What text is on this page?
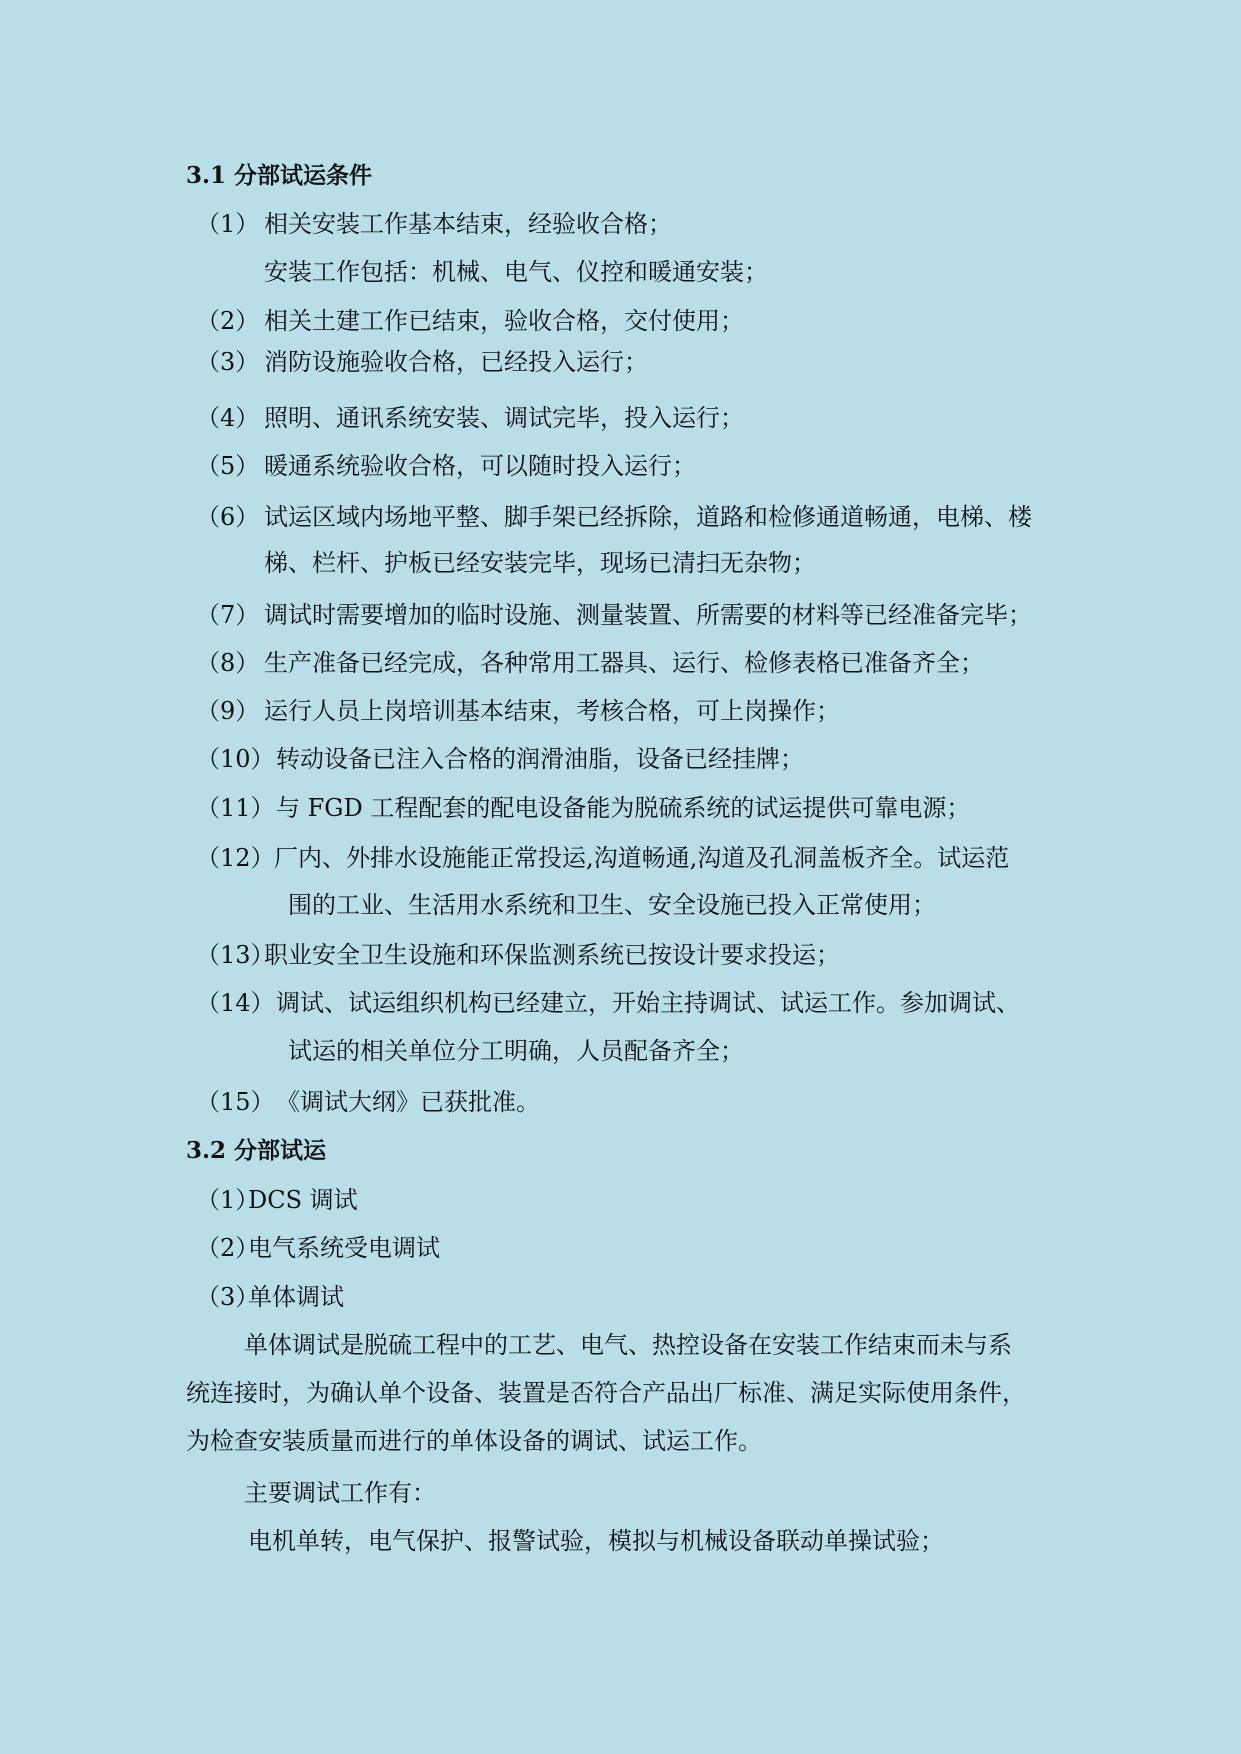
3.1 分部试运条件
（1） 相关安装工作基本结束，经验收合格；
安装工作包括：机械、电气、仪控和暖通安装；
（2） 相关土建工作已结束，验收合格，交付使用；
（3） 消防设施验收合格，已经投入运行；
（4） 照明、通讯系统安装、调试完毕，投入运行；
（5） 暖通系统验收合格，可以随时投入运行；
（6） 试运区域内场地平整、脚手架已经拆除，道路和检修通道畅通，电梯、楼
梯、栏杆、护板已经安装完毕，现场已清扫无杂物；
（7） 调试时需要增加的临时设施、测量装置、所需要的材料等已经准备完毕；
（8） 生产准备已经完成，各种常用工器具、运行、检修表格已准备齐全；
（9） 运行人员上岗培训基本结束，考核合格，可上岗操作；
（10）转动设备已注入合格的润滑油脂，设备已经挂牌；
（11）与 FGD 工程配套的配电设备能为脱硫系统的试运提供可靠电源；
（12）厂内、外排水设施能正常投运,沟道畅通,沟道及孔洞盖板齐全。试运范
围的工业、生活用水系统和卫生、安全设施已投入正常使用；
（13）职业安全卫生设施和环保监测系统已按设计要求投运；
（14）调试、试运组织机构已经建立，开始主持调试、试运工作。参加调试、
试运的相关单位分工明确，人员配备齐全；
（15）《调试大纲》已获批准。
3.2 分部试运
（1）DCS 调试
（2）电气系统受电调试
（3）单体调试
单体调试是脱硫工程中的工艺、电气、热控设备在安装工作结束而未与系
统连接时，为确认单个设备、装置是否符合产品出厂标准、满足实际使用条件，
为检查安装质量而进行的单体设备的调试、试运工作。
主要调试工作有：
电机单转，电气保护、报警试验，模拟与机械设备联动单操试验；
